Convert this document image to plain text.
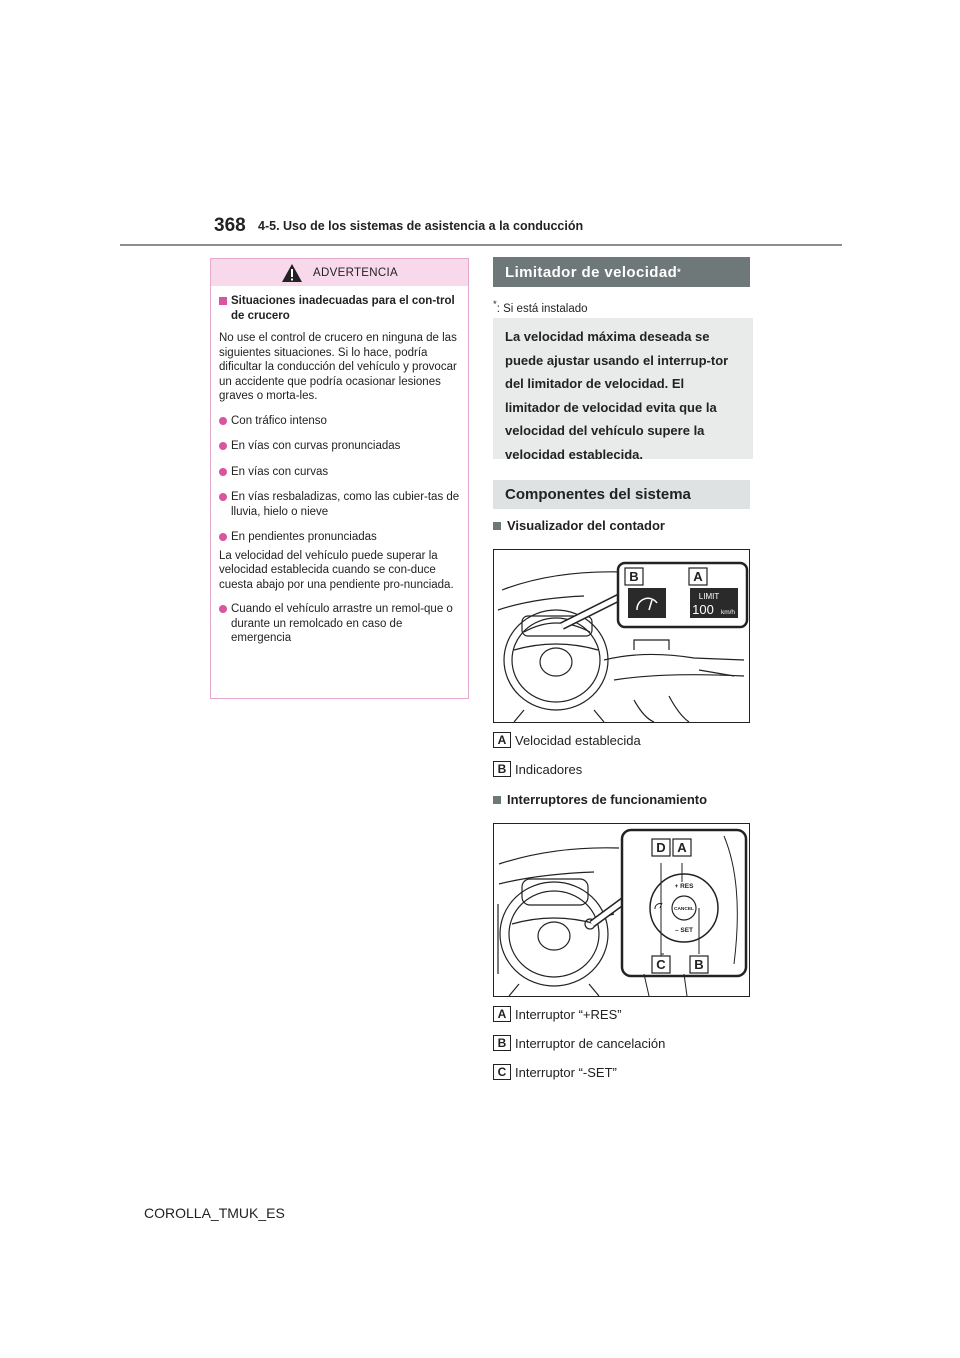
368 4-5. Uso de los sistemas de asistencia a la conducción
ADVERTENCIA
Situaciones inadecuadas para el con-trol de crucero
No use el control de crucero en ninguna de las siguientes situaciones. Si lo hace, podría dificultar la conducción del vehículo y provocar un accidente que podría ocasionar lesiones graves o morta-les.
Con tráfico intenso
En vías con curvas pronunciadas
En vías con curvas
En vías resbaladizas, como las cubier-tas de lluvia, hielo o nieve
En pendientes pronunciadas
La velocidad del vehículo puede superar la velocidad establecida cuando se con-duce cuesta abajo por una pendiente pro-nunciada.
Cuando el vehículo arrastre un remol-que o durante un remolcado en caso de emergencia
Limitador de velocidad *
*: Si está instalado
La velocidad máxima deseada se puede ajustar usando el interrup-tor del limitador de velocidad. El limitador de velocidad evita que la velocidad del vehículo supere la velocidad establecida.
Componentes del sistema
Visualizador del contador
LIMIT
100 km/h
B	A
A Velocidad establecida
B Indicadores
Interruptores de funcionamiento
+ RES
CANCEL
– SET
D A
C B
A Interruptor “+RES”
B Interruptor de cancelación
C Interruptor “-SET”
COROLLA_TMUK_ES
